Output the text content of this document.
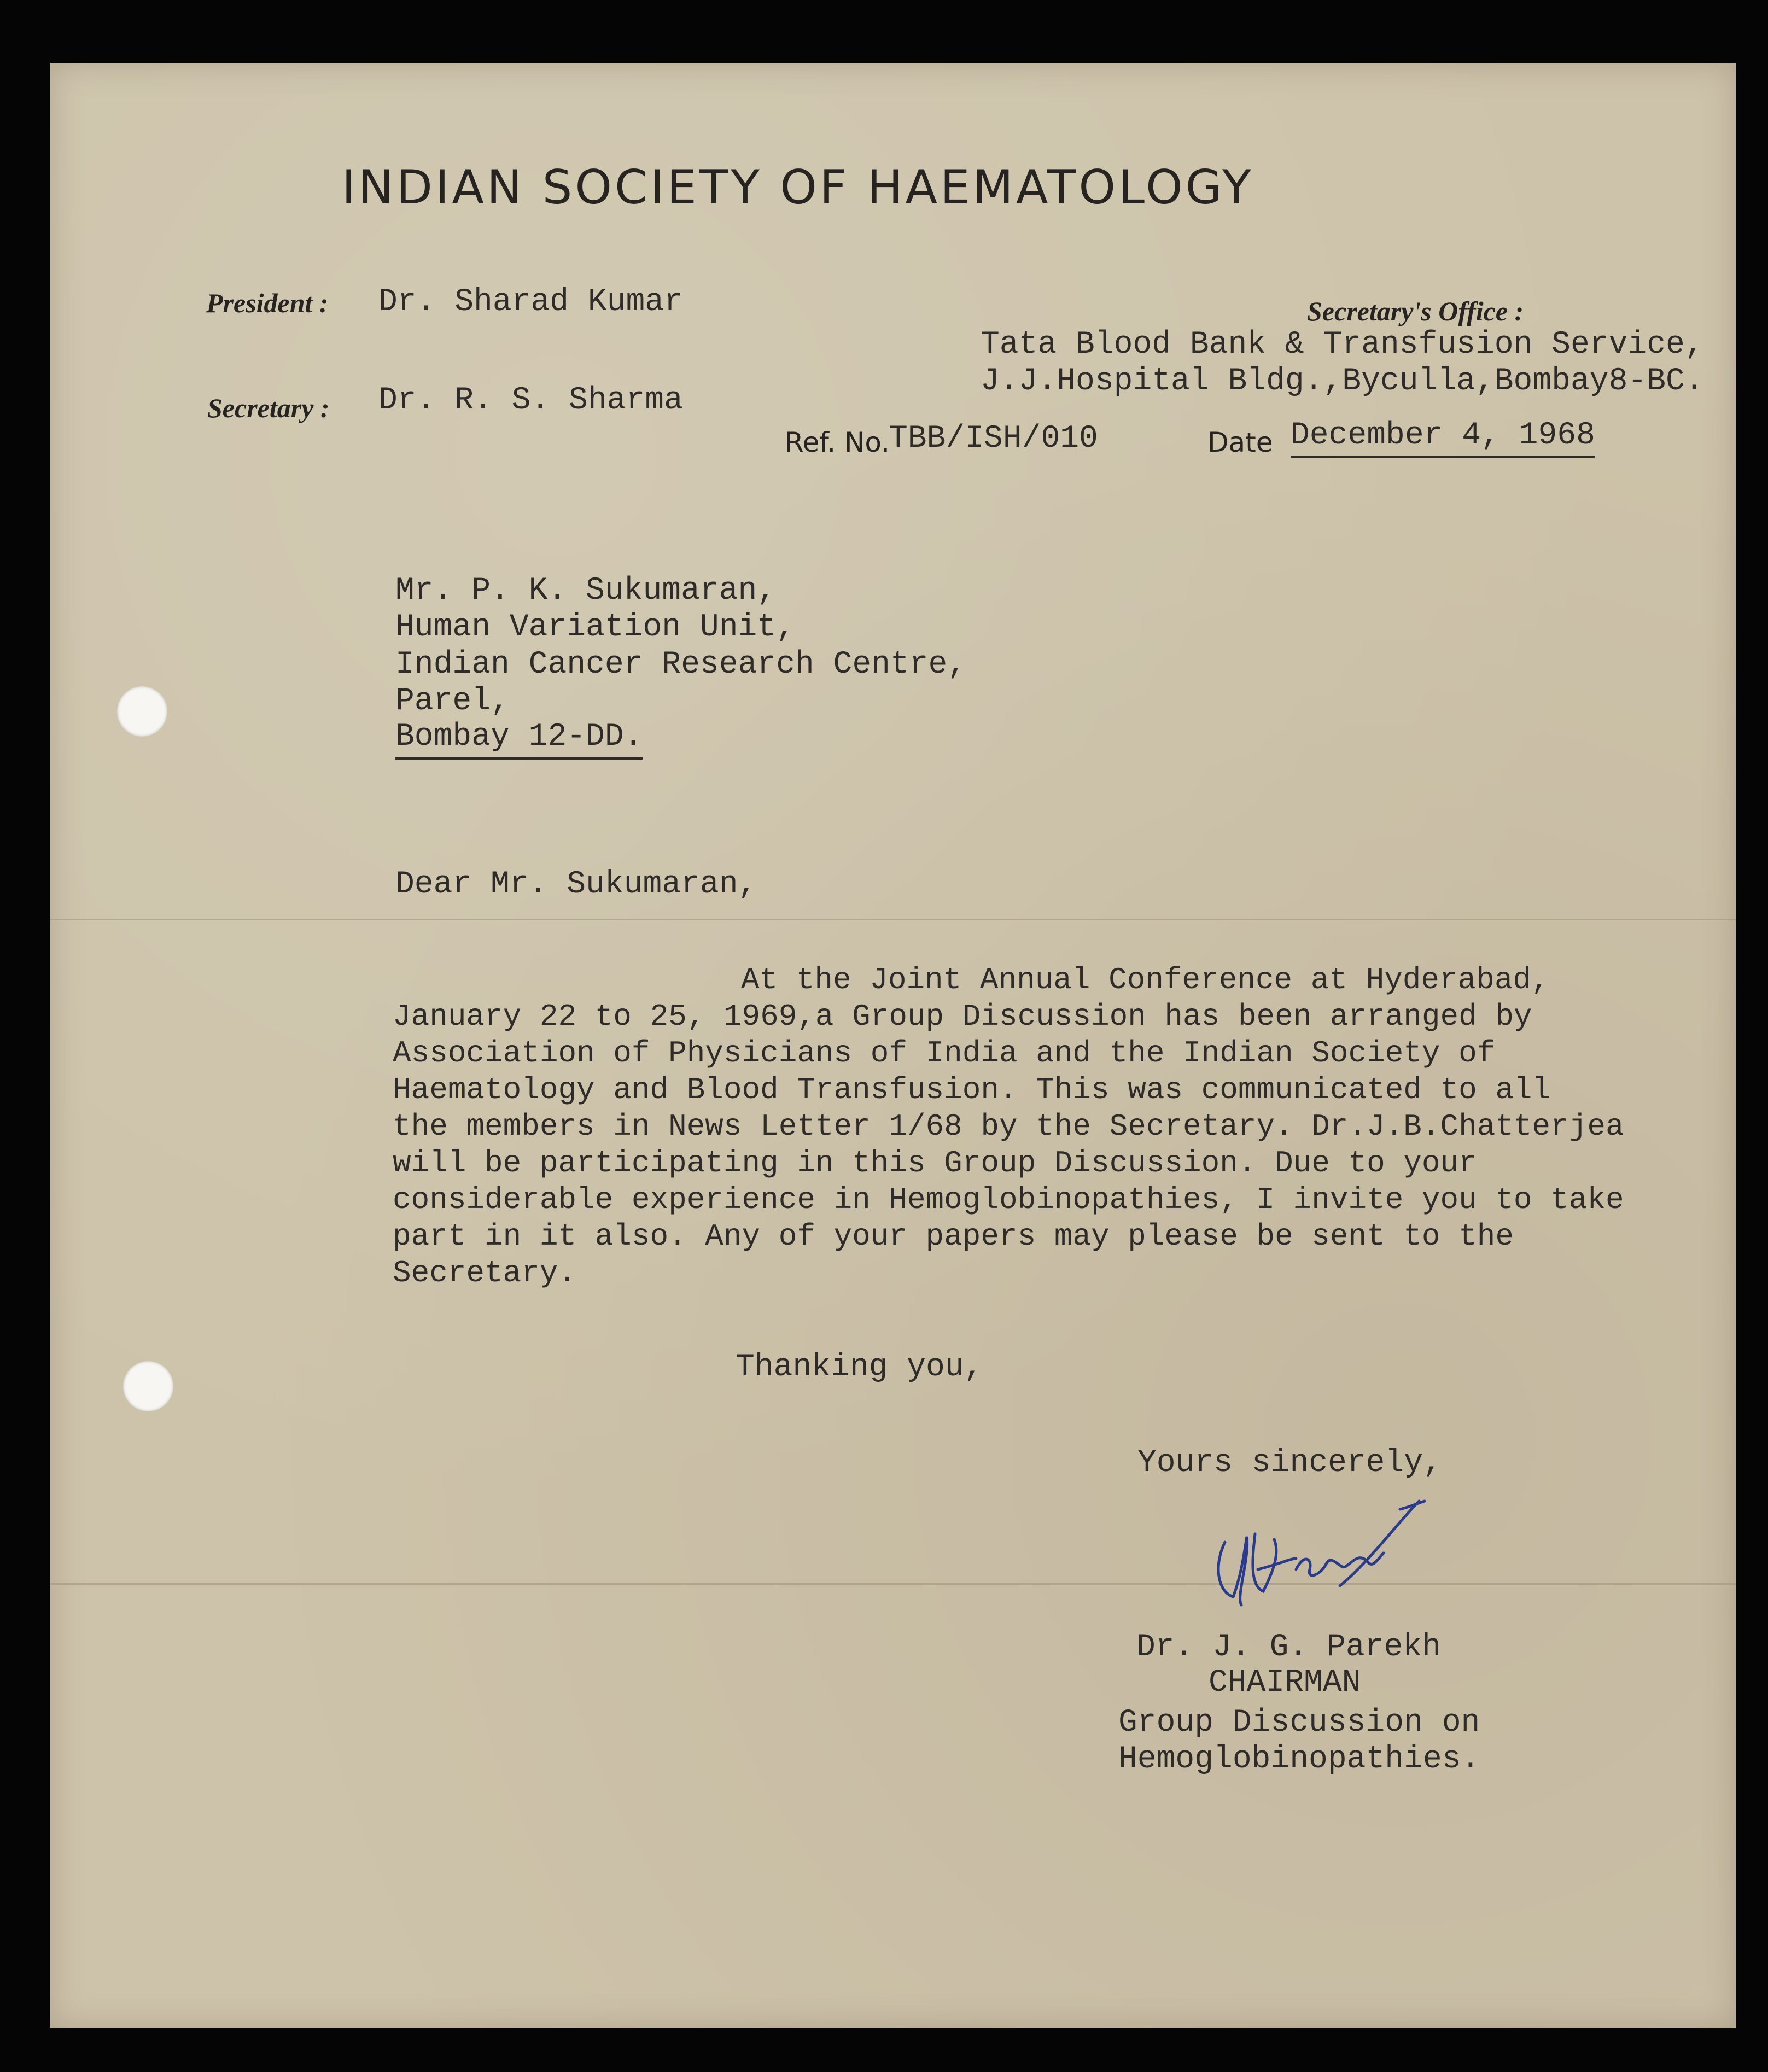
INDIAN SOCIETY OF HAEMATOLOGY
President : Dr. Sharad Kumar
Secretary : Dr. R. S. Sharma
Secretary's Office :
Tata Blood Bank & Transfusion Service,
J.J.Hospital Bldg.,Byculla,Bombay8-BC.
Ref. No.
TBB/ISH/010	Date December 4, 1968
Mr. P. K. Sukumaran,
Human Variation Unit,
Indian Cancer Research Centre,
Parel,
Bombay 12-DD.
Dear Mr. Sukumaran,
At the Joint Annual Conference at Hyderabad,
January 22 to 25, 1969,a Group Discussion has been arranged by
Association of Physicians of India and the Indian Society of
Haematology and Blood Transfusion. This was communicated to all
the members in News Letter 1/68 by the Secretary. Dr.J.B.Chatterjea
will be participating in this Group Discussion. Due to your
considerable experience in Hemoglobinopathies, I invite you to take
part in it also. Any of your papers may please be sent to the
Secretary.
Thanking you,
Yours sincerely,
Dr. J. G. Parekh
CHAIRMAN
Group Discussion on
Hemoglobinopathies.
